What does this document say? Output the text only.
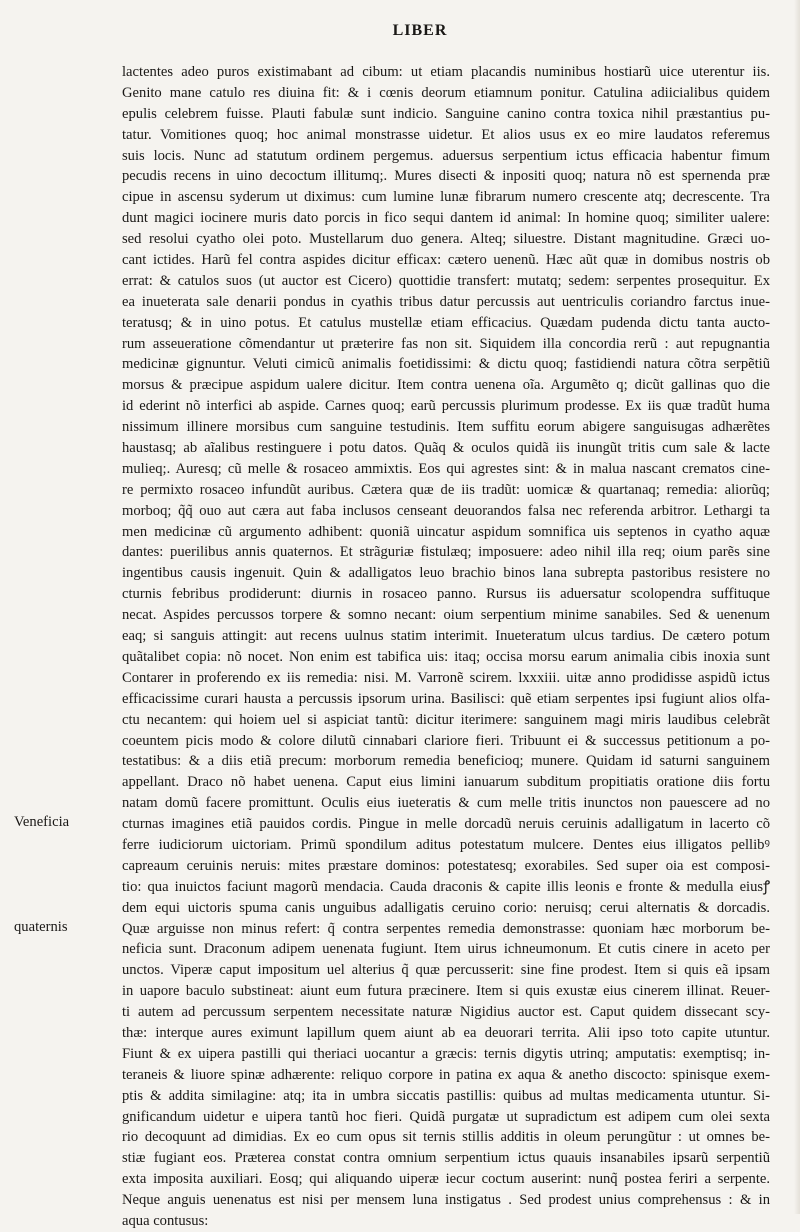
LIBER
lactentes adeo puros existimabant ad cibum: ut etiam placandis numinibus hostiarũ uice uterentur iis.
Genito mane catulo res diuina fit: & i cœnis deorum etiamnum ponitur. Catulina adiicialibus quidem
epulis celebrem fuisse. Plauti fabulæ sunt indicio. Sanguine canino contra toxica nihil præstantius pu-
tatur. Vomitiones quoq; hoc animal monstrasse uidetur. Et alios usus ex eo mire laudatos referemus
suis locis. Nunc ad statutum ordinem pergemus. aduersus serpentium ictus efficacia habentur fimum
pecudis recens in uino decoctum illitumq;. Mures disecti & inpositi quoq; natura nõ est spernenda præ
cipue in ascensu syderum ut diximus: cum lumine lunæ fibrarum numero crescente atq; decrescente. Tra
dunt magici iocinere muris dato porcis in fico sequi dantem id animal: In homine quoq; similiter ualere:
sed resolui cyatho olei poto. Mustellarum duo genera. Alteq; siluestre. Distant magnitudine. Græci uo-
cant ictides. Harũ fel contra aspides dicitur efficax: cætero uenenũ. Hæc aũt quæ in domibus nostris ob
errat: & catulos suos (ut auctor est Cicero) quottidie transfert: mutatq; sedem: serpentes prosequitur. Ex
ea inueterata sale denarii pondus in cyathis tribus datur percussis aut uentriculis coriandro farctus inue-
teratusq; & in uino potus. Et catulus mustellæ etiam efficacius. Quædam pudenda dictu tanta aucto-
rum asseueratione cõmendantur ut præterire fas non sit. Siquidem illa concordia rerũ : aut repugnantia
medicinæ gignuntur. Veluti cimicũ animalis foetidissimi: & dictu quoq; fastidiendi natura cõtra serpẽtiũ
morsus & præcipue aspidum ualere dicitur. Item contra uenena oĩa. Argumẽto q; dicũt gallinas quo die
id ederint nõ interfici ab aspide. Carnes quoq; earũ percussis plurimum prodesse. Ex iis quæ tradũt huma
nissimum illinere morsibus cum sanguine testudinis. Item suffitu eorum abigere sanguisugas adhærẽtes
haustasq; ab aĩalibus restinguere i potu datos. Quãq & oculos quidã iis inungũt tritis cum sale & lacte
mulieq;. Auresq; cũ melle & rosaceo ammixtis. Eos qui agrestes sint: & in malua nascant crematos cine-
re permixto rosaceo infundũt auribus. Cætera quæ de iis tradũt: uomicæ & quartanaq; remedia: aliorũq;
morboq; q̃q̃ ouo aut cæra aut faba inclusos censeant deuorandos falsa nec referenda arbitror. Lethargi ta
men medicinæ cũ argumento adhibent: quoniã uincatur aspidum somnifica uis septenos in cyatho aquæ
dantes: puerilibus annis quaternos. Et strãguriæ fistulæq; imposuere: adeo nihil illa req; oium parẽs sine
ingentibus causis ingenuit. Quin & adalligatos leuo brachio binos lana subrepta pastoribus resistere no
cturnis febribus prodiderunt: diurnis in rosaceo panno. Rursus iis aduersatur scolopendra suffituque
necat. Aspides percussos torpere & somno necant: oium serpentium minime sanabiles. Sed & uenenum
eaq; si sanguis attingit: aut recens uulnus statim interimit. Inueteratum ulcus tardius. De cætero potum
quãtalibet copia: nõ nocet. Non enim est tabifica uis: itaq; occisa morsu earum animalia cibis inoxia sunt
Contarer in proferendo ex iis remedia: nisi. M. Varronẽ scirem. lxxxiii. uitæ anno prodidisse aspidũ ictus
efficacissime curari hausta a percussis ipsorum urina. Basilisci: quẽ etiam serpentes ipsi fugiunt alios olfa-
ctu necantem: qui hoiem uel si aspiciat tantũ: dicitur iterimere: sanguinem magi miris laudibus celebrãt
coeuntem picis modo & colore dilutũ cinnabari clariore fieri. Tribuunt ei & successus petitionum a po-
testatibus: & a diis etiã precum: morborum remedia beneficioq; munere. Quidam id saturni sanguinem
appellant. Draco nõ habet uenena. Caput eius limini ianuarum subditum propitiatis oratione diis fortu
natam domũ facere promittunt. Oculis eius iueteratis & cum melle tritis inunctos non pauescere ad no
cturnas imagines etiã pauidos cordis. Pingue in melle dorcadũ neruis ceruinis adalligatum in lacerto cõ
ferre iudiciorum uictoriam. Primũ spondilum aditus potestatum mulcere. Dentes eius illigatos pellibꝰ
capreaum ceruinis neruis: mites præstare dominos: potestatesq; exorabiles. Sed super oia est composi-
tio: qua inuictos faciunt magorũ mendacia. Cauda draconis & capite illis leonis e fronte & medulla eiusꝭ
dem equi uictoris spuma canis unguibus adalligatis ceruino corio: neruisq; cerui alternatis & dorcadis.
Quæ arguisse non minus refert: q̃ contra serpentes remedia demonstrasse: quoniam hæc morborum be-
neficia sunt. Draconum adipem uenenata fugiunt. Item uirus ichneumonum. Et cutis cinere in aceto per
unctos. Viperæ caput impositum uel alterius q̃ quæ percusserit: sine fine prodest. Item si quis eã ipsam
in uapore baculo substineat: aiunt eum futura præcinere. Item si quis exustæ eius cinerem illinat. Reuer-
ti autem ad percussum serpentem necessitate naturæ Nigidius auctor est. Caput quidem dissecant scy-
thæ: interque aures eximunt lapillum quem aiunt ab ea deuorari territa. Alii ipso toto capite utuntur.
Fiunt & ex uipera pastilli qui theriaci uocantur a græcis: ternis digytis utrinq; amputatis: exemptisq; in-
teraneis & liuore spinæ adhærente: reliquo corpore in patina ex aqua & anetho discocto: spinisque exem-
ptis & addita similagine: atq; ita in umbra siccatis pastillis: quibus ad multas medicamenta utuntur. Si-
gnificandum uidetur e uipera tantũ hoc fieri. Quidã purgatæ ut supradictum est adipem cum olei sexta
rio decoquunt ad dimidias. Ex eo cum opus sit ternis stillis additis in oleum perungũtur : ut omnes be-
stiæ fugiant eos. Præterea constat contra omnium serpentium ictus quauis insanabiles ipsarũ serpentiũ
exta imposita auxiliari. Eosq; qui aliquando uiperæ iecur coctum auserint: nunq̃ postea feriri a serpente.
Neque anguis uenenatus est nisi per mensem luna instigatus . Sed prodest unius comprehensus : & in
aqua contusus:
Veneficia
quaternis
